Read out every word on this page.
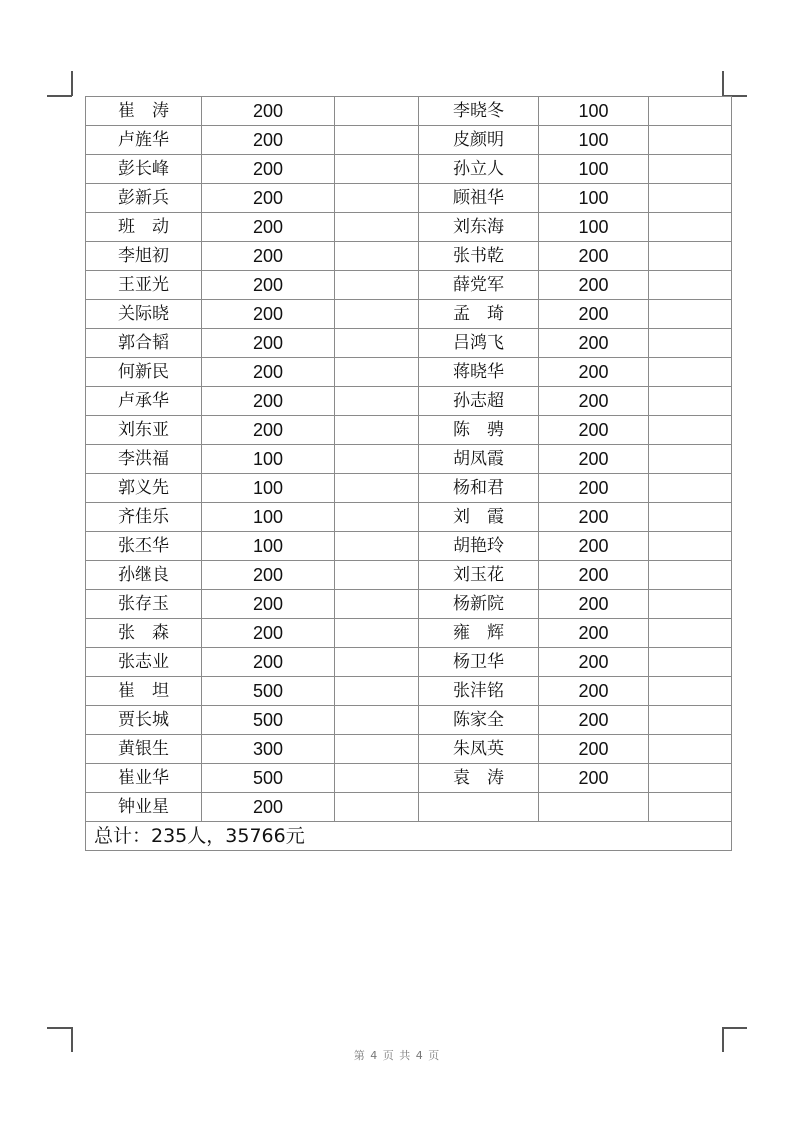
崔　涛	200		李晓冬	100	
卢旌华	200		皮颜明	100	
彭长峰	200		孙立人	100	
彭新兵	200		顾祖华	100	
班　动	200		刘东海	100	
李旭初	200		张书乾	200	
王亚光	200		薛党军	200	
关际晓	200		孟　琦	200	
郭合韬	200		吕鸿飞	200	
何新民	200		蒋晓华	200	
卢承华	200		孙志超	200	
刘东亚	200		陈　骋	200	
李洪福	100		胡凤霞	200	
郭义先	100		杨和君	200	
齐佳乐	100		刘　霞	200	
张丕华	100		胡艳玲	200	
孙继良	200		刘玉花	200	
张存玉	200		杨新院	200	
张　森	200		雍　辉	200	
张志业	200		杨卫华	200	
崔　坦	500		张沣铭	200	
贾长城	500		陈家全	200	
黄银生	300		朱凤英	200	
崔业华	500		袁　涛	200	
钟业星	200				
总计：235人，35766元					
第 4 页 共 4 页
